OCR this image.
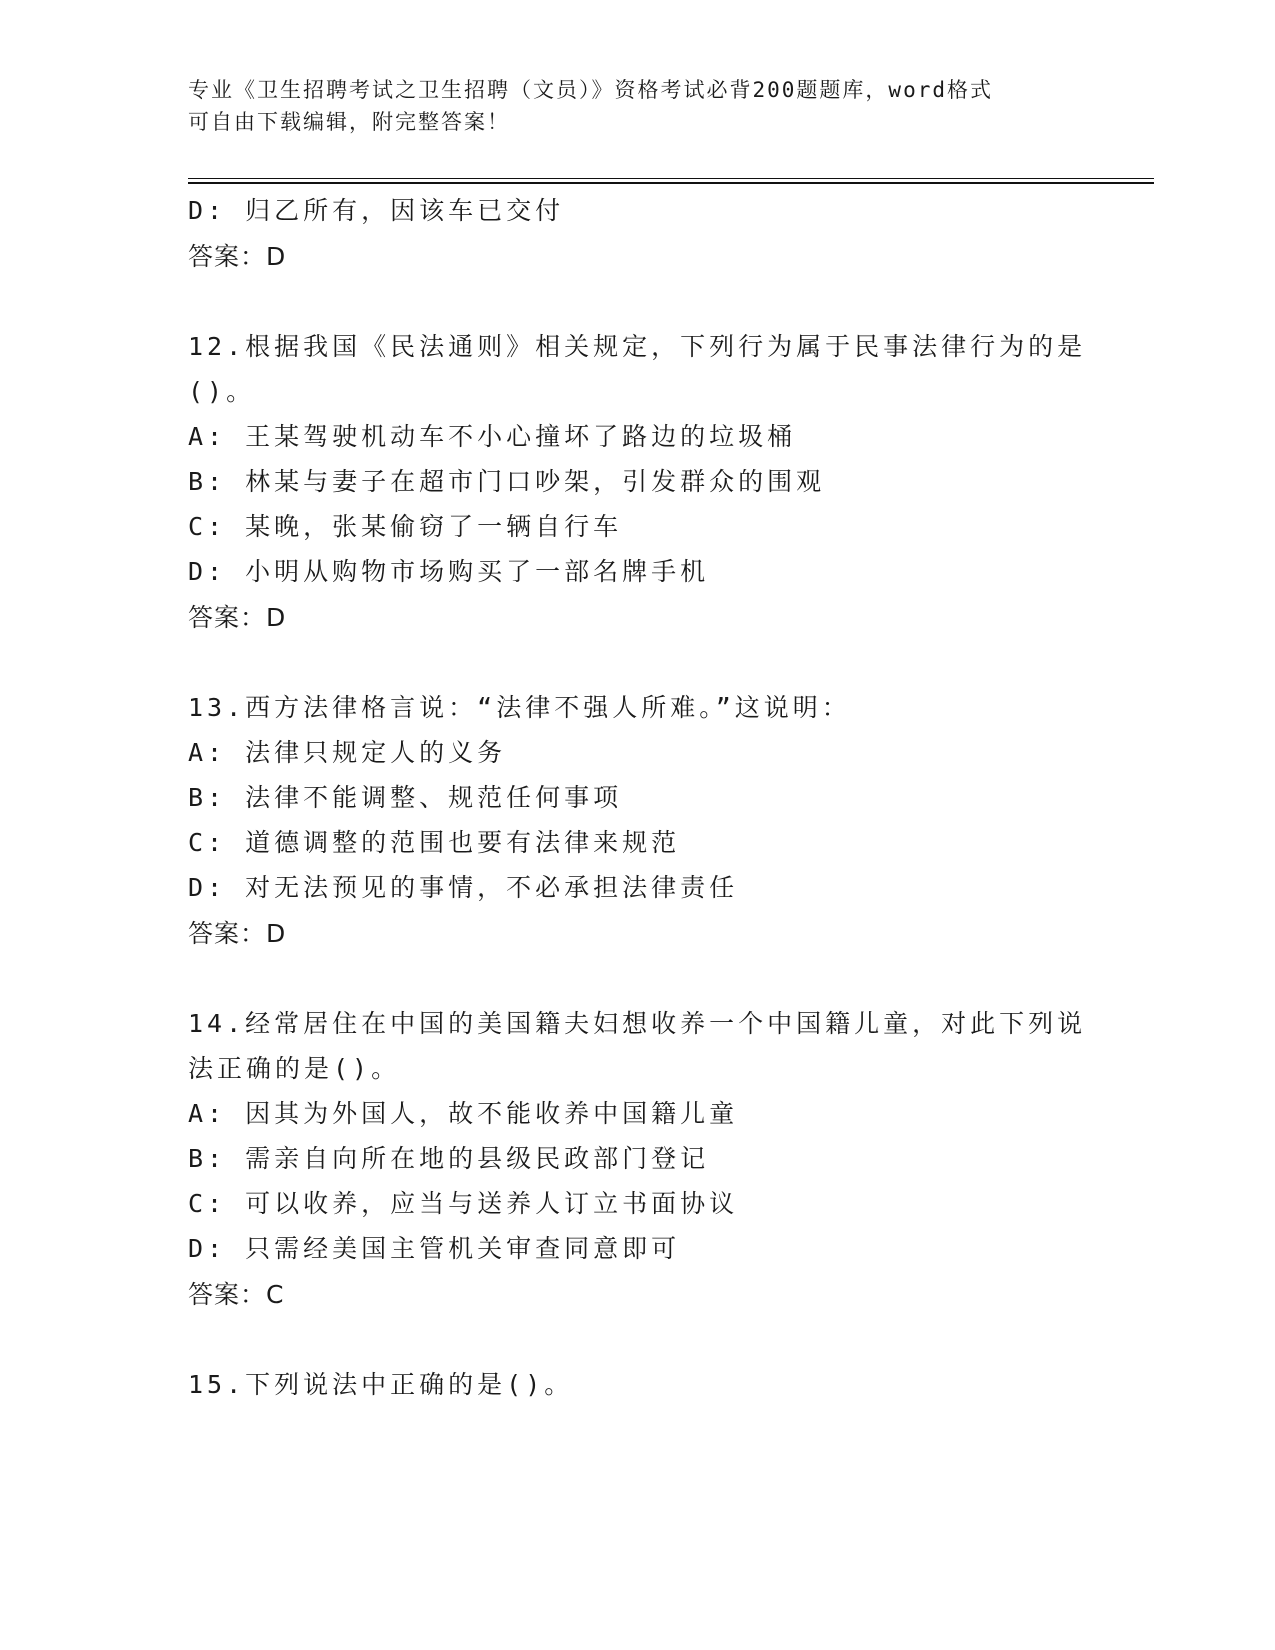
专业《卫生招聘考试之卫生招聘（文员）》资格考试必背200题题库，word格式
可自由下载编辑，附完整答案！
D: 归乙所有，因该车已交付
答案：D
12.根据我国《民法通则》相关规定，下列行为属于民事法律行为的是
()。
A: 王某驾驶机动车不小心撞坏了路边的垃圾桶
B: 林某与妻子在超市门口吵架，引发群众的围观
C: 某晚，张某偷窃了一辆自行车
D: 小明从购物市场购买了一部名牌手机
答案：D
13.西方法律格言说：“法律不强人所难。”这说明：
A: 法律只规定人的义务
B: 法律不能调整、规范任何事项
C: 道德调整的范围也要有法律来规范
D: 对无法预见的事情，不必承担法律责任
答案：D
14.经常居住在中国的美国籍夫妇想收养一个中国籍儿童，对此下列说
法正确的是()。
A: 因其为外国人，故不能收养中国籍儿童
B: 需亲自向所在地的县级民政部门登记
C: 可以收养，应当与送养人订立书面协议
D: 只需经美国主管机关审查同意即可
答案：C
15.下列说法中正确的是()。
